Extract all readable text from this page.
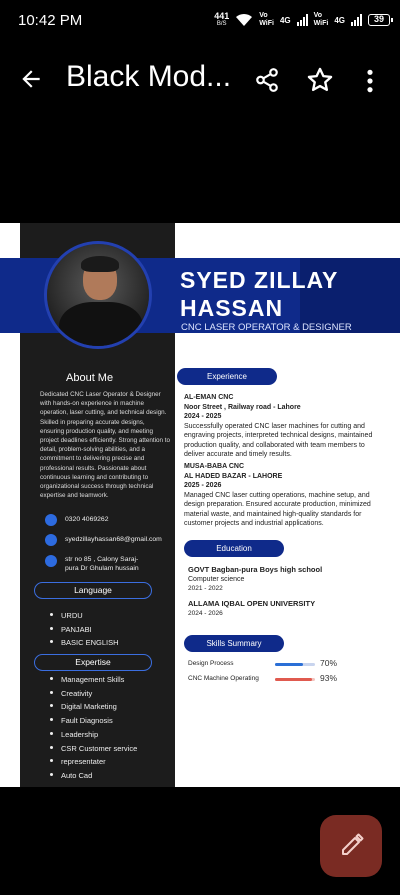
10:42 PM	441
B/S
Vo
WiFi 4G	Vo
WiFi 4G	39
Black Mod...
SYED ZILLAY
HASSAN
CNC LASER OPERATOR & DESIGNER
About Me
Dedicated CNC Laser Operator & Designer with hands-on experience in machine operation, laser cutting, and technical design. Skilled in preparing accurate designs, ensuring production quality, and meeting project deadlines efficiently. Strong attention to detail, problem-solving abilities, and a commitment to delivering precise and professional results. Passionate about continuous learning and contributing to organizational success through technical expertise and teamwork.
0320 4069262
syedzillayhassan68@gmail.com
str no 85 , Calony Saraj-
pura Dr Ghulam hussain
Language
URDU
PANJABI
BASIC ENGLISH
Expertise
Management Skills
Creativity
Digital Marketing
Fault Diagnosis
Leadership
CSR Customer service
representater
Auto Cad
Experience
AL-EMAN CNC
Noor Street , Railway road - Lahore
2024 - 2025
Successfully operated CNC laser machines for cutting and
engraving projects, interpreted technical designs, maintained
production quality, and collaborated with team members to
deliver accurate and timely results.
MUSA-BABA CNC
AL HADED BAZAR - LAHORE
2025 - 2026
Managed CNC laser cutting operations, machine setup, and
design preparation. Ensured accurate production, minimized
material waste, and maintained high-quality standards for
customer projects and industrial applications.
Education
GOVT Bagban-pura Boys high school
Computer science
2021 - 2022
ALLAMA IQBAL OPEN UNIVERSITY
2024 - 2026
Skills Summary
Design Process	70%
CNC Machine Operating	93%
